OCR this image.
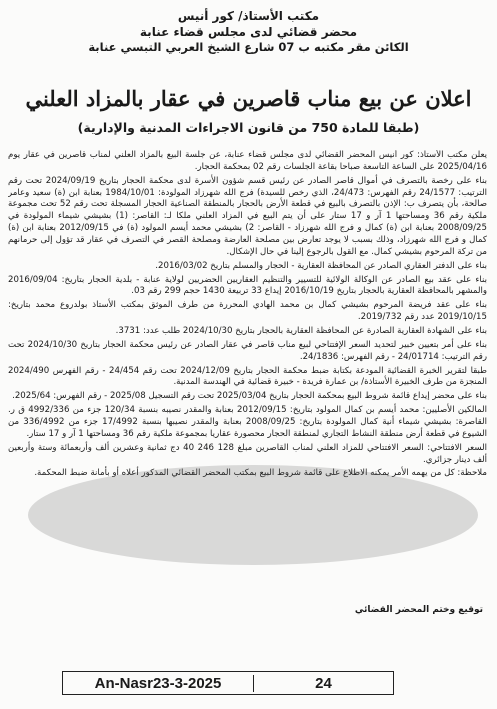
مكتب الأستاذ/ كور أنيس
محضر قضائي لدى مجلس قضاء عنابة
الكائن مقر مكتبه ب 07 شارع الشيخ العربي التبسي عنابة
اعلان عن بيع مناب قاصرين في عقار بالمزاد العلني
(طبقا للمادة 750 من قانون الاجراءات المدنية والإدارية)

يعلن مكتب الأستاذ: كور أنيس المحضر القضائي لدى مجلس قضاء عنابة، عن جلسة البيع بالمزاد العلني لمناب قاصرين في عقار يوم 2025/04/16 على الساعة التاسعة صباحا بقاعة الجلسات رقم 02 بمحكمة الحجار.

بناء على رخصة بالتصرف في أموال قاصر الصادر عن رئيس قسم شؤون الأسرة لدى محكمة الحجار بتاريخ 2024/09/19 تحت رقم الترتيب: 24/1577 رقم الفهرس: 24/473، الذي رخص للسيدة) فرج الله شهرزاد المولودة: 1984/10/01 بعنابة ابن (ة) سعيد وعامر صالحة، بأن يتصرف ب: الإذن بالتصرف بالبيع في قطعة الأرض بالحجار بالمنطقة الصناعية الحجار المسجلة تحت رقم 52 تحت مجموعة ملكية رقم 36 ومساحتها 1 آر و 17 ستار على أن يتم البيع في المزاد العلني ملكا لـ: القاصر: (1) بشيشي شيماء المولودة في 2008/09/25 بعنابة ابن (ة) كمال و فرج الله شهرزاد - القاصر: 2) بشيشي محمد أيسم المولود (ة) في 2012/09/15 بعنابة ابن (ة) كمال و فرج الله شهرزاد، وذلك بسبب لا يوجد تعارض بين مصلحة العارضة ومصلحة القصر في التصرف في عقار قد تؤول إلى حرمانهم من تركة المرحوم بشيشي كمال. مع القول بالرجوع إلينا في حال الإشكال.

بناء على الدفتر العقاري الصادر عن المحافظة العقارية - الحجار والمسلم بتاريخ 2016/03/02.

بناء على عقد بيع الصادر عن الوكالة الولائية للتسيير والتنظيم العقاريين الحضريين لولاية عنابة - بلدية الحجار بتاريخ: 2016/09/04 والمشهر بالمحافظة العقارية بالحجار بتاريخ 2016/10/19 إيداع 33 تربيعة 1430 حجم 299 رقم 03.

بناء على عقد فريضة المرحوم بشيشي كمال بن محمد الهادي المحررة من طرف الموثق بمكتب الأستاذ بولدروع محمد بتاريخ: 2019/10/15 عدد رقم 2019/732.

بناء على الشهادة العقارية الصادرة عن المحافظة العقارية بالحجار بتاريخ 2024/10/30 طلب عدد: 3731.

بناء على أمر بتعيين خبير لتحديد السعر الإفتتاحي لبيع مناب قاصر في عقار الصادر عن رئيس محكمة الحجار بتاريخ 2024/10/30 تحت رقم الترتيب: 24/01714 - رقم الفهرس: 24/1836.

طبقا لتقرير الخبرة القضائية المودعة بكتابة ضبط محكمة الحجار بتاريخ 2024/12/09 تحت رقم 24/454 - رقم الفهرس 2024/490 المنجزة من طرف الخبيرة الأستاذة/ بن عمارة فريدة - خبيرة قضائية في الهندسة المدنية.

بناء على محضر إيداع قائمة شروط البيع بمحكمة الحجار بتاريخ 2025/03/04 تحت رقم التسجيل 2025/08 - رقم الفهرس: 2025/64.

المالكين الأصليين: محمد أيسم بن كمال المولود بتاريخ: 2012/09/15 بعنابة والمقدر نصيبه بنسبة 120/34 جزء من 4992/336 ق ر. القاصرة: بشيشي شيماء أنية كمال المولودة بتاريخ: 2008/09/25 بعنابة والمقدر نصيبها بنسبة 17/4992 جزء من 336/4992 من الشيوع في قطعة أرض منطقة النشاط التجاري لمنطقة الحجار محصورة عقاريا بمجموعة ملكية رقم 36 ومساحتها 1 آر و 17 ستار.

السعر الافتتاحي: السعر الافتتاحي للمزاد العلني لمناب القاصرين مبلغ 128 246 40 دج ثمانية وعشرين ألف وأربعمائة وستة وأربعين ألف دينار جزائري.

ملاحظة: كل من يهمه الأمر يمكنه الاطلاع على قائمة شروط البيع بمكتب المحضر القضائي المذكور أعلاه أو بأمانة ضبط المحكمة.

توقيع وختم المحضر القضائي
An-Nasr23-3-2025	24
